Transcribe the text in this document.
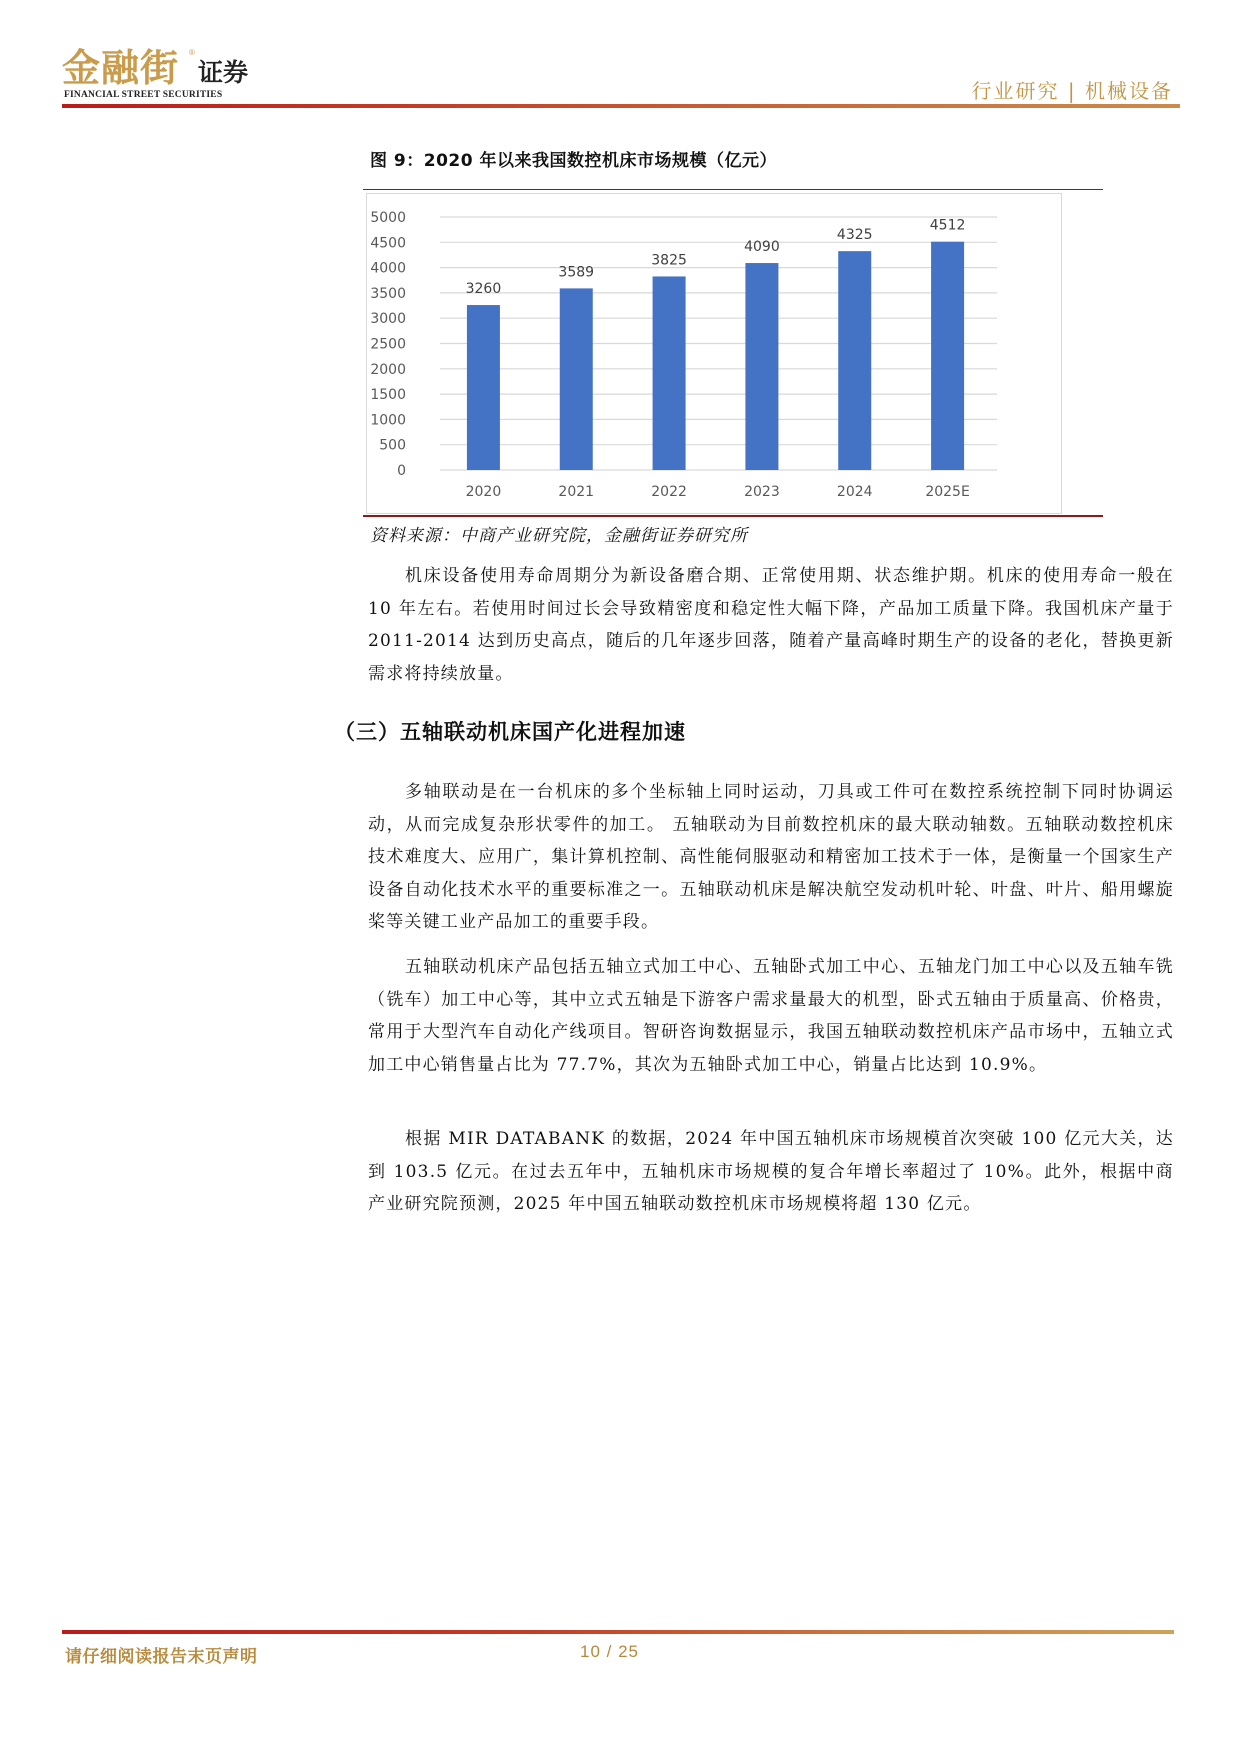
金融街 ®
证券
FINANCIAL STREET SECURITIES	行业研究 | 机械设备
图 9：2020 年以来我国数控机床市场规模（亿元）
0
500
1000
1500
2000
2500
3000
3500
4000
4500
5000
3260
2020
3589
2021
3825
2022
4090
2023
4325
2024
4512
2025E
资料来源：中商产业研究院，金融街证券研究所

机床设备使用寿命周期分为新设备磨合期、正常使用期、状态维护期。机床的使用寿命一般在 10 年左右。若使用时间过长会导致精密度和稳定性大幅下降，产品加工质量下降。我国机床产量于 2011-2014 达到历史高点，随后的几年逐步回落，随着产量高峰时期生产的设备的老化，替换更新需求将持续放量。

（三）五轴联动机床国产化进程加速

多轴联动是在一台机床的多个坐标轴上同时运动，刀具或工件可在数控系统控制下同时协调运动，从而完成复杂形状零件的加工。 五轴联动为目前数控机床的最大联动轴数。五轴联动数控机床技术难度大、应用广，集计算机控制、高性能伺服驱动和精密加工技术于一体，是衡量一个国家生产设备自动化技术水平的重要标准之一。五轴联动机床是解决航空发动机叶轮、叶盘、叶片、船用螺旋桨等关键工业产品加工的重要手段。

五轴联动机床产品包括五轴立式加工中心、五轴卧式加工中心、五轴龙门加工中心以及五轴车铣（铣车）加工中心等，其中立式五轴是下游客户需求量最大的机型，卧式五轴由于质量高、价格贵，常用于大型汽车自动化产线项目。智研咨询数据显示，我国五轴联动数控机床产品市场中，五轴立式加工中心销售量占比为 77.7%，其次为五轴卧式加工中心，销量占比达到 10.9%。

根据 MIR DATABANK 的数据，2024 年中国五轴机床市场规模首次突破 100 亿元大关，达到 103.5 亿元。在过去五年中，五轴机床市场规模的复合年增长率超过了 10%。此外，根据中商产业研究院预测，2025 年中国五轴联动数控机床市场规模将超 130 亿元。

请仔细阅读报告末页声明	10 / 25
